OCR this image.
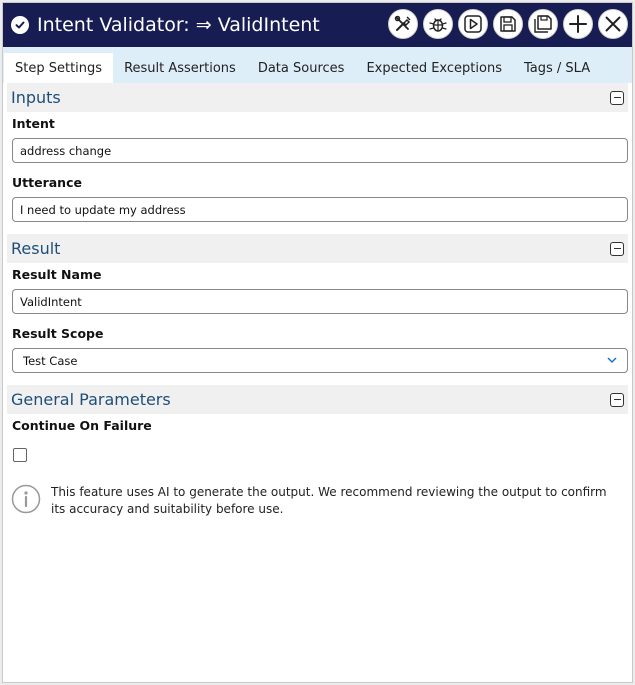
Intent Validator: ⇒ ValidIntent
Step Settings	Result Assertions	Data Sources	Expected Exceptions	Tags / SLA
Inputs
Intent
address change
Utterance
I need to update my address
Result
Result Name
ValidIntent
Result Scope
Test Case
General Parameters
Continue On Failure
This feature uses AI to generate the output. We recommend reviewing the output to confirm its accuracy and suitability before use.
